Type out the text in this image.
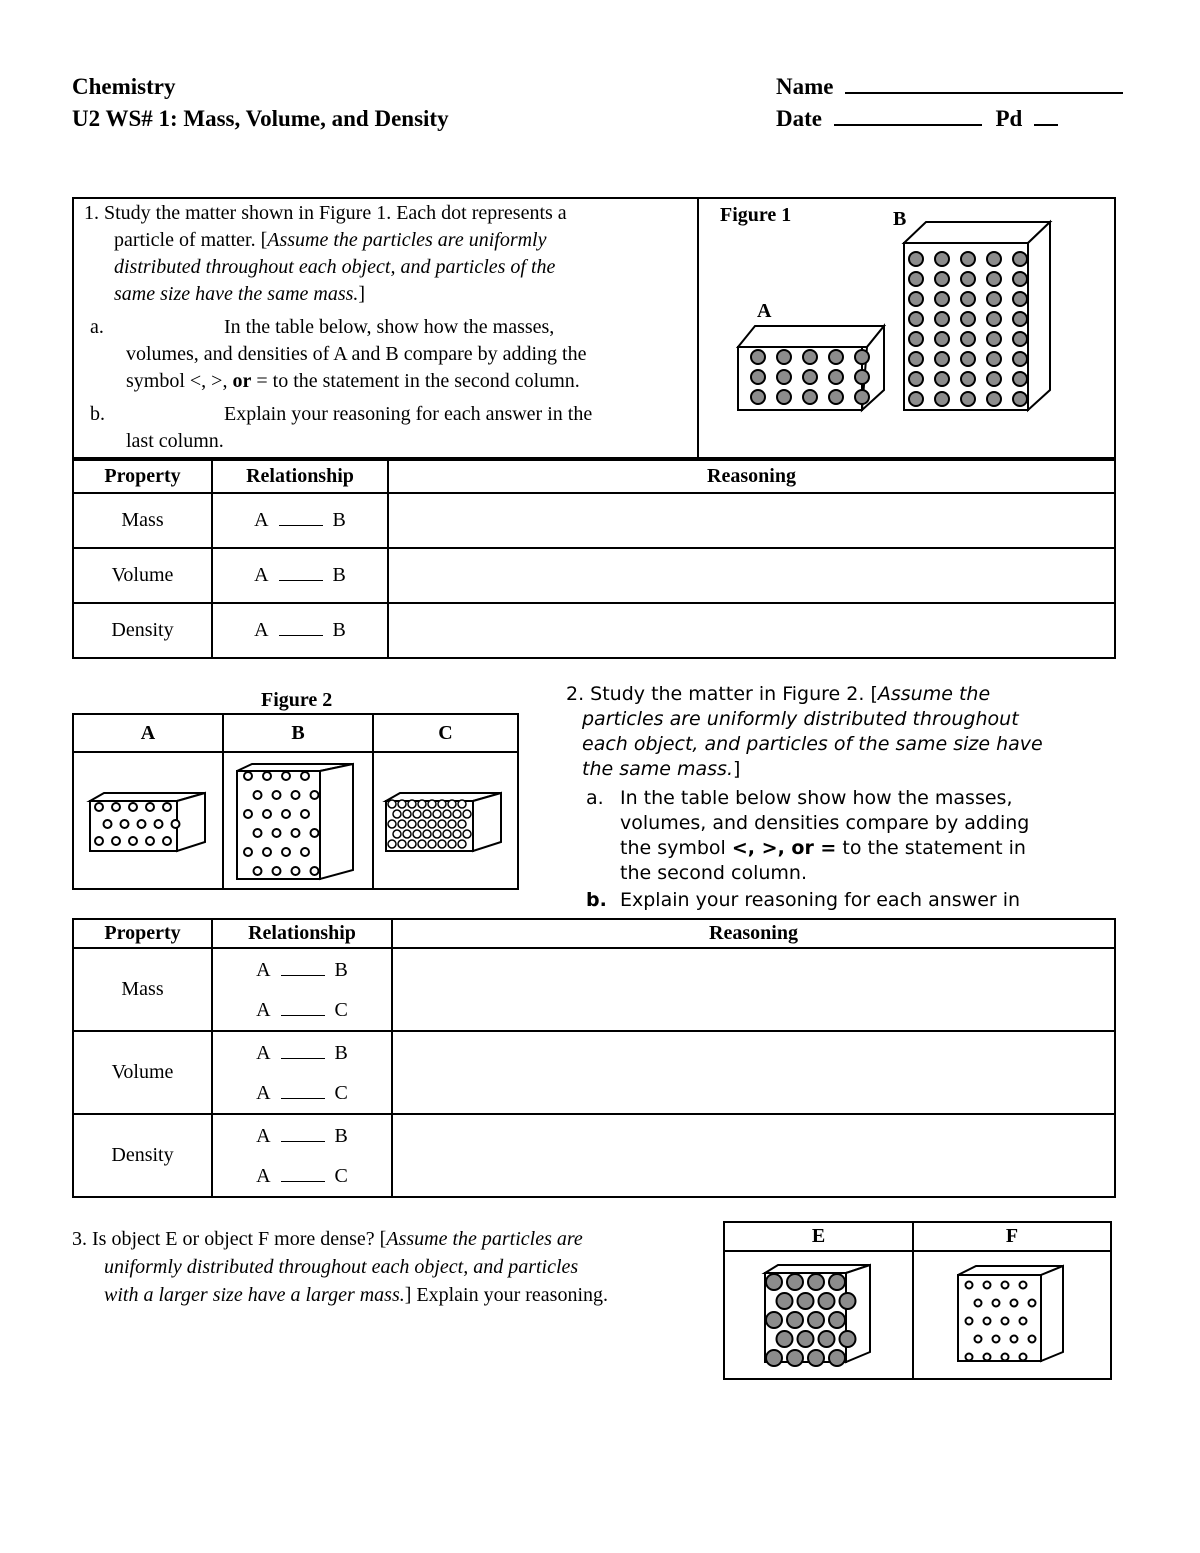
Chemistry
U2 WS# 1: Mass, Volume, and Density
Name
Date	Pd
1. Study the matter shown in Figure 1. Each dot represents a
particle of matter. [Assume the particles are uniformly
distributed throughout each object, and particles of the
same size have the same mass.]
a.	In the table below, show how the masses,
volumes, and densities of A and B compare by adding the
symbol <, >, or = to the statement in the second column.
b.	Explain your reasoning for each answer in the
last column.
Figure 1	B
A
Property	Relationship	Reasoning
Mass	A B	
Volume	A B	
Density	A B	
Figure 2
A	B	C

2. Study the matter in Figure 2. [Assume the
particles are uniformly distributed throughout
each object, and particles of the same size have
the same mass.]
a. In the table below show how the masses,
volumes, and densities compare by adding
the symbol <, >, or = to the statement in
the second column.
b. Explain your reasoning for each answer in
Property	Relationship	Reasoning
Mass	A B
A C	

Volume	A B
A C	

Density	A B
A C	

3. Is object E or object F more dense? [Assume the particles are
uniformly distributed throughout each object, and particles
with a larger size have a larger mass.] Explain your reasoning.
E	F
